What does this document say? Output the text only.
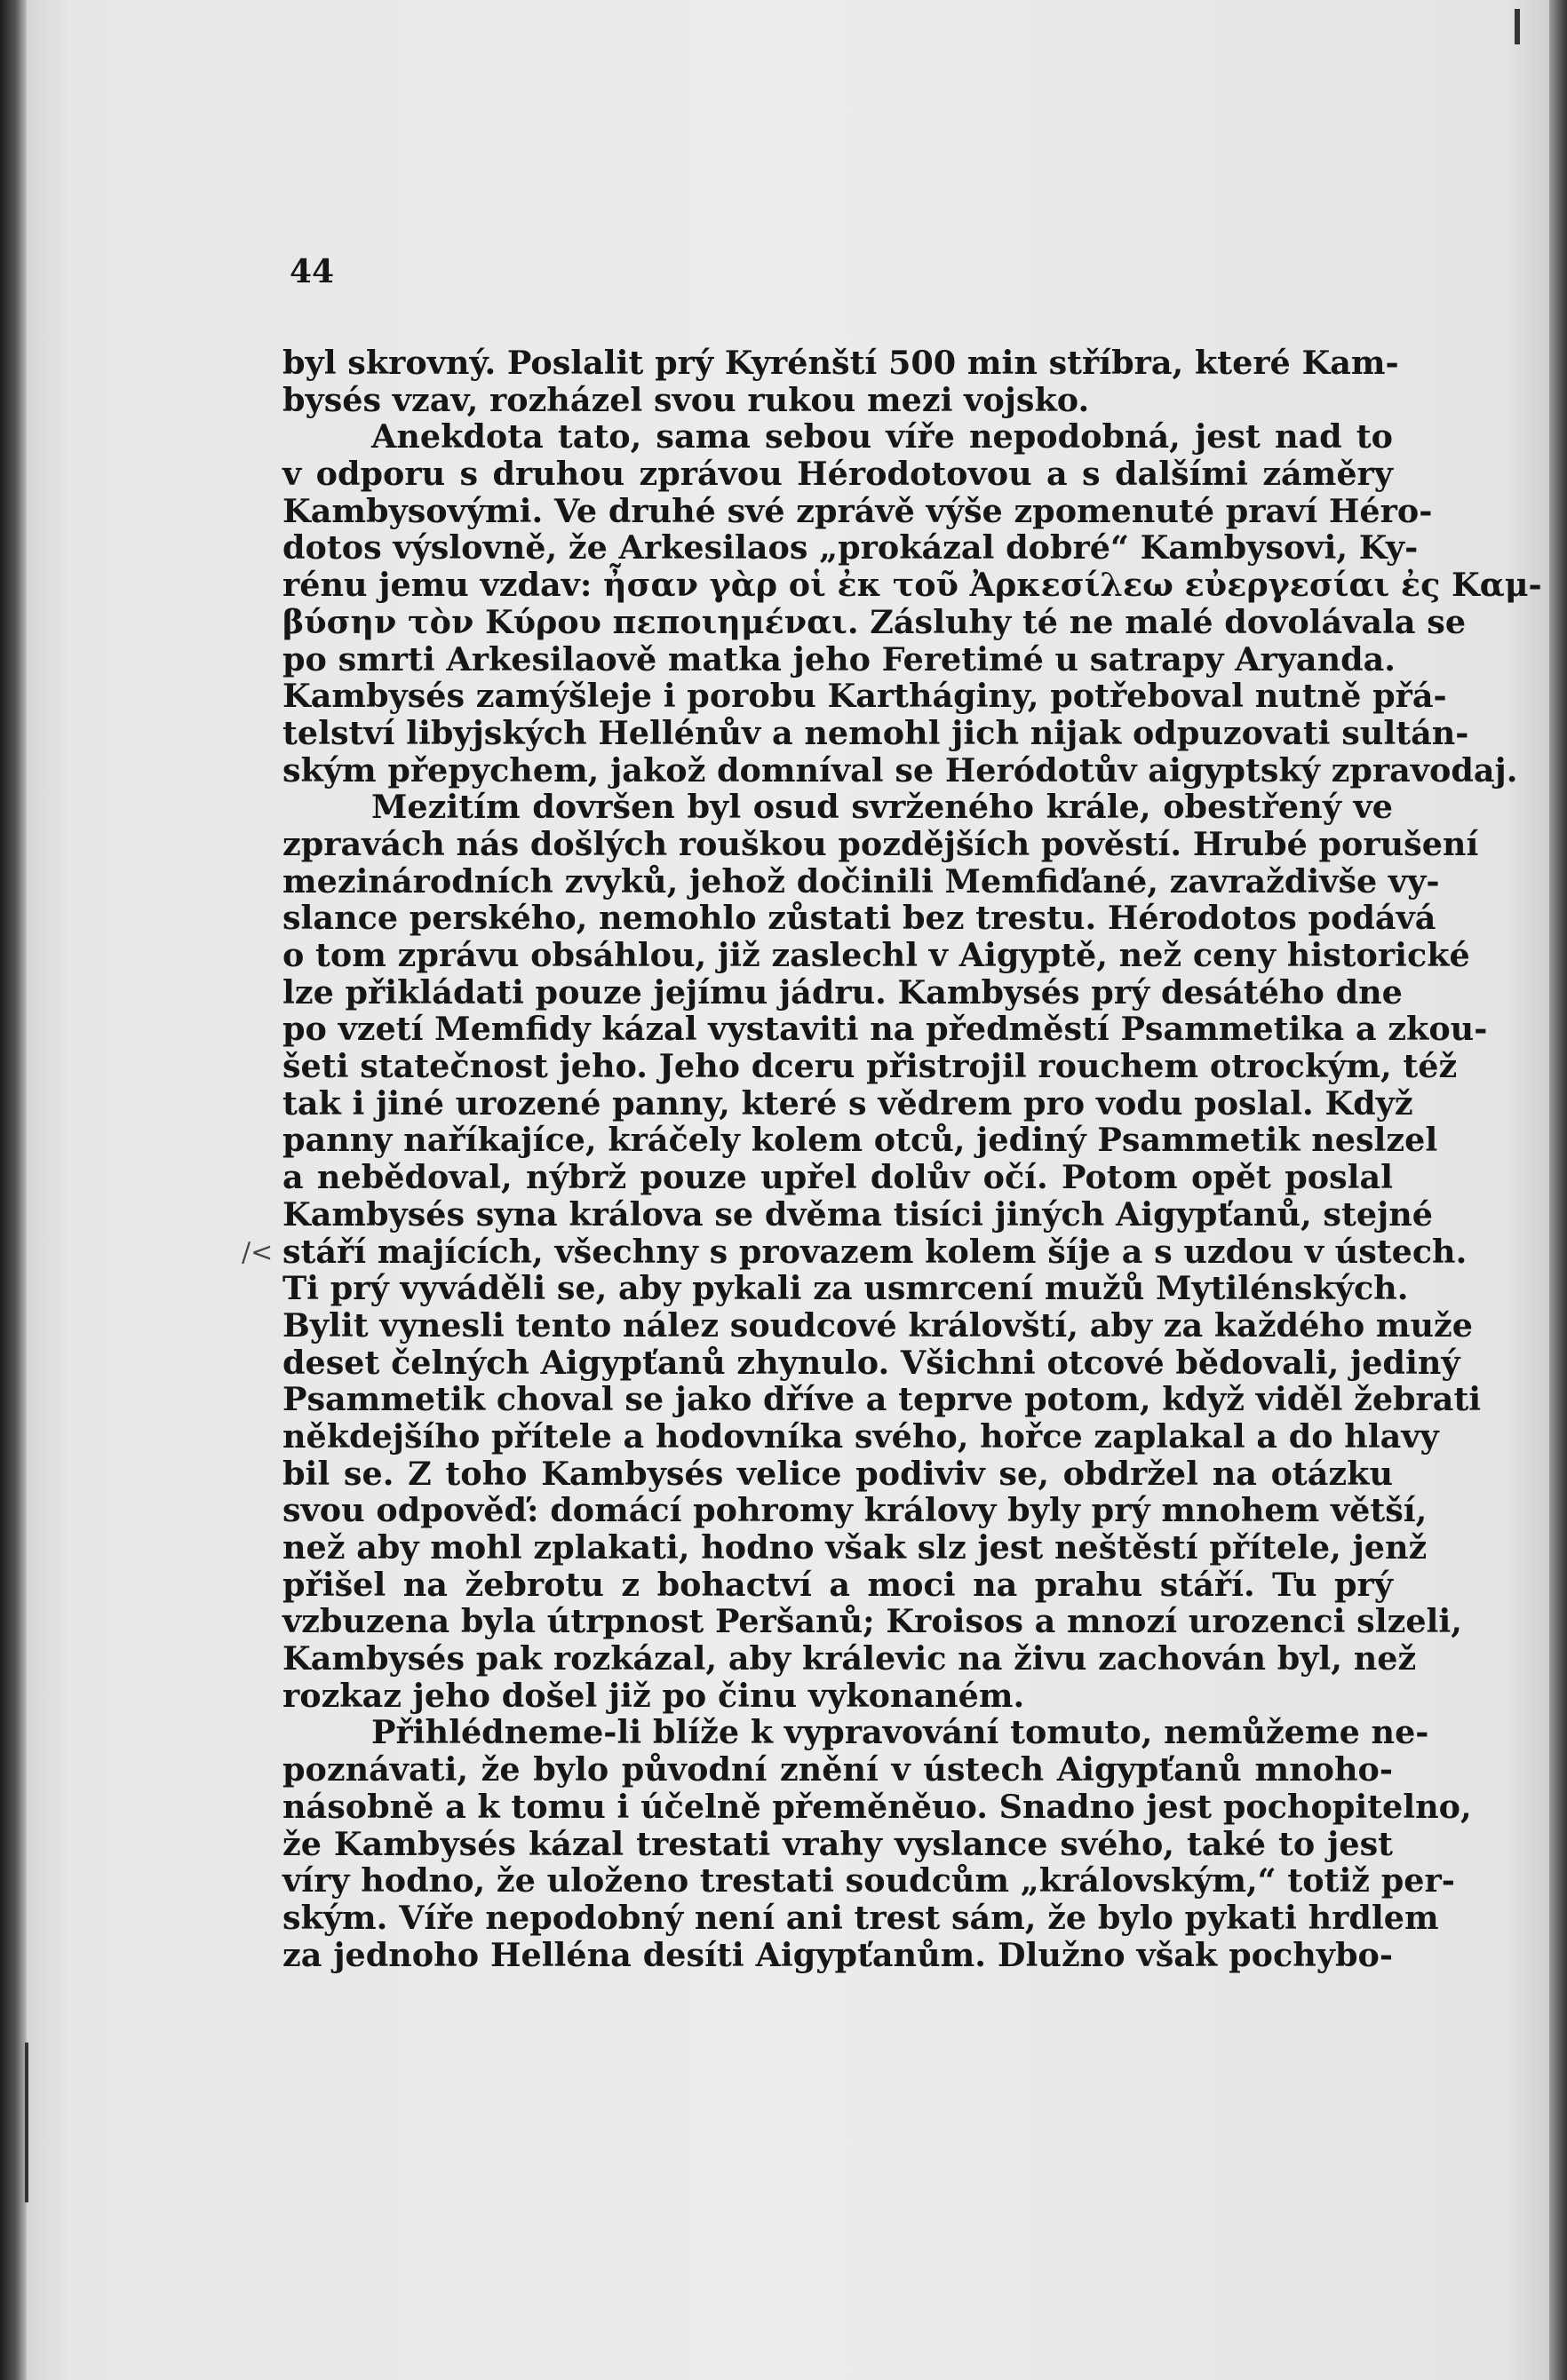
44
/<
byl skrovný. Poslalit prý Kyrénští 500 min stříbra, které Kam-
bysés vzav, rozházel svou rukou mezi vojsko.
Anekdota tato, sama sebou víře nepodobná, jest nad to
v odporu s druhou zprávou Hérodotovou a s dalšími záměry
Kambysovými. Ve druhé své zprávě výše zpomenuté praví Héro-
dotos výslovně, že Arkesilaos „prokázal dobré“ Kambysovi, Ky-
rénu jemu vzdav: ἦσαν γὰρ οἱ ἐκ τοῦ Ἀρκεσίλεω εὐεργεσίαι ἐς Καμ-
βύσην τὸν Κύρου πεποιημέναι. Zásluhy té ne malé dovolávala se
po smrti Arkesilaově matka jeho Feretimé u satrapy Aryanda.
Kambysés zamýšleje i porobu Kartháginy, potřeboval nutně přá-
telství libyjských Hellénův a nemohl jich nijak odpuzovati sultán-
ským přepychem, jakož domníval se Heródotův aigyptský zpravodaj.
Mezitím dovršen byl osud svrženého krále, obestřený ve
zpravách nás došlých rouškou pozdějších pověstí. Hrubé porušení
mezinárodních zvyků, jehož dočinili Memfiďané, zavraždivše vy-
slance perského, nemohlo zůstati bez trestu. Hérodotos podává
o tom zprávu obsáhlou, již zaslechl v Aigyptě, než ceny historické
lze přikládati pouze jejímu jádru. Kambysés prý desátého dne
po vzetí Memfidy kázal vystaviti na předměstí Psammetika a zkou-
šeti statečnost jeho. Jeho dceru přistrojil rouchem otrockým, též
tak i jiné urozené panny, které s vědrem pro vodu poslal. Když
panny naříkajíce, kráčely kolem otců, jediný Psammetik neslzel
a nebědoval, nýbrž pouze upřel dolův očí. Potom opět poslal
Kambysés syna králova se dvěma tisíci jiných Aigypťanů, stejné
stáří majících, všechny s provazem kolem šíje a s uzdou v ústech.
Ti prý vyváděli se, aby pykali za usmrcení mužů Mytilénských.
Bylit vynesli tento nález soudcové královští, aby za každého muže
deset čelných Aigypťanů zhynulo. Všichni otcové bědovali, jediný
Psammetik choval se jako dříve a teprve potom, když viděl žebrati
někdejšího přítele a hodovníka svého, hořce zaplakal a do hlavy
bil se. Z toho Kambysés velice podiviv se, obdržel na otázku
svou odpověď: domácí pohromy královy byly prý mnohem větší,
než aby mohl zplakati, hodno však slz jest neštěstí přítele, jenž
přišel na žebrotu z bohactví a moci na prahu stáří. Tu prý
vzbuzena byla útrpnost Peršanů; Kroisos a mnozí urozenci slzeli,
Kambysés pak rozkázal, aby králevic na živu zachován byl, než
rozkaz jeho došel již po činu vykonaném.
Přihlédneme-li blíže k vypravování tomuto, nemůžeme ne-
poznávati, že bylo původní znění v ústech Aigypťanů mnoho-
násobně a k tomu i účelně přeměněuo. Snadno jest pochopitelno,
že Kambysés kázal trestati vrahy vyslance svého, také to jest
víry hodno, že uloženo trestati soudcům „královským,“ totiž per-
ským. Víře nepodobný není ani trest sám, že bylo pykati hrdlem
za jednoho Helléna desíti Aigypťanům. Dlužno však pochybo-
